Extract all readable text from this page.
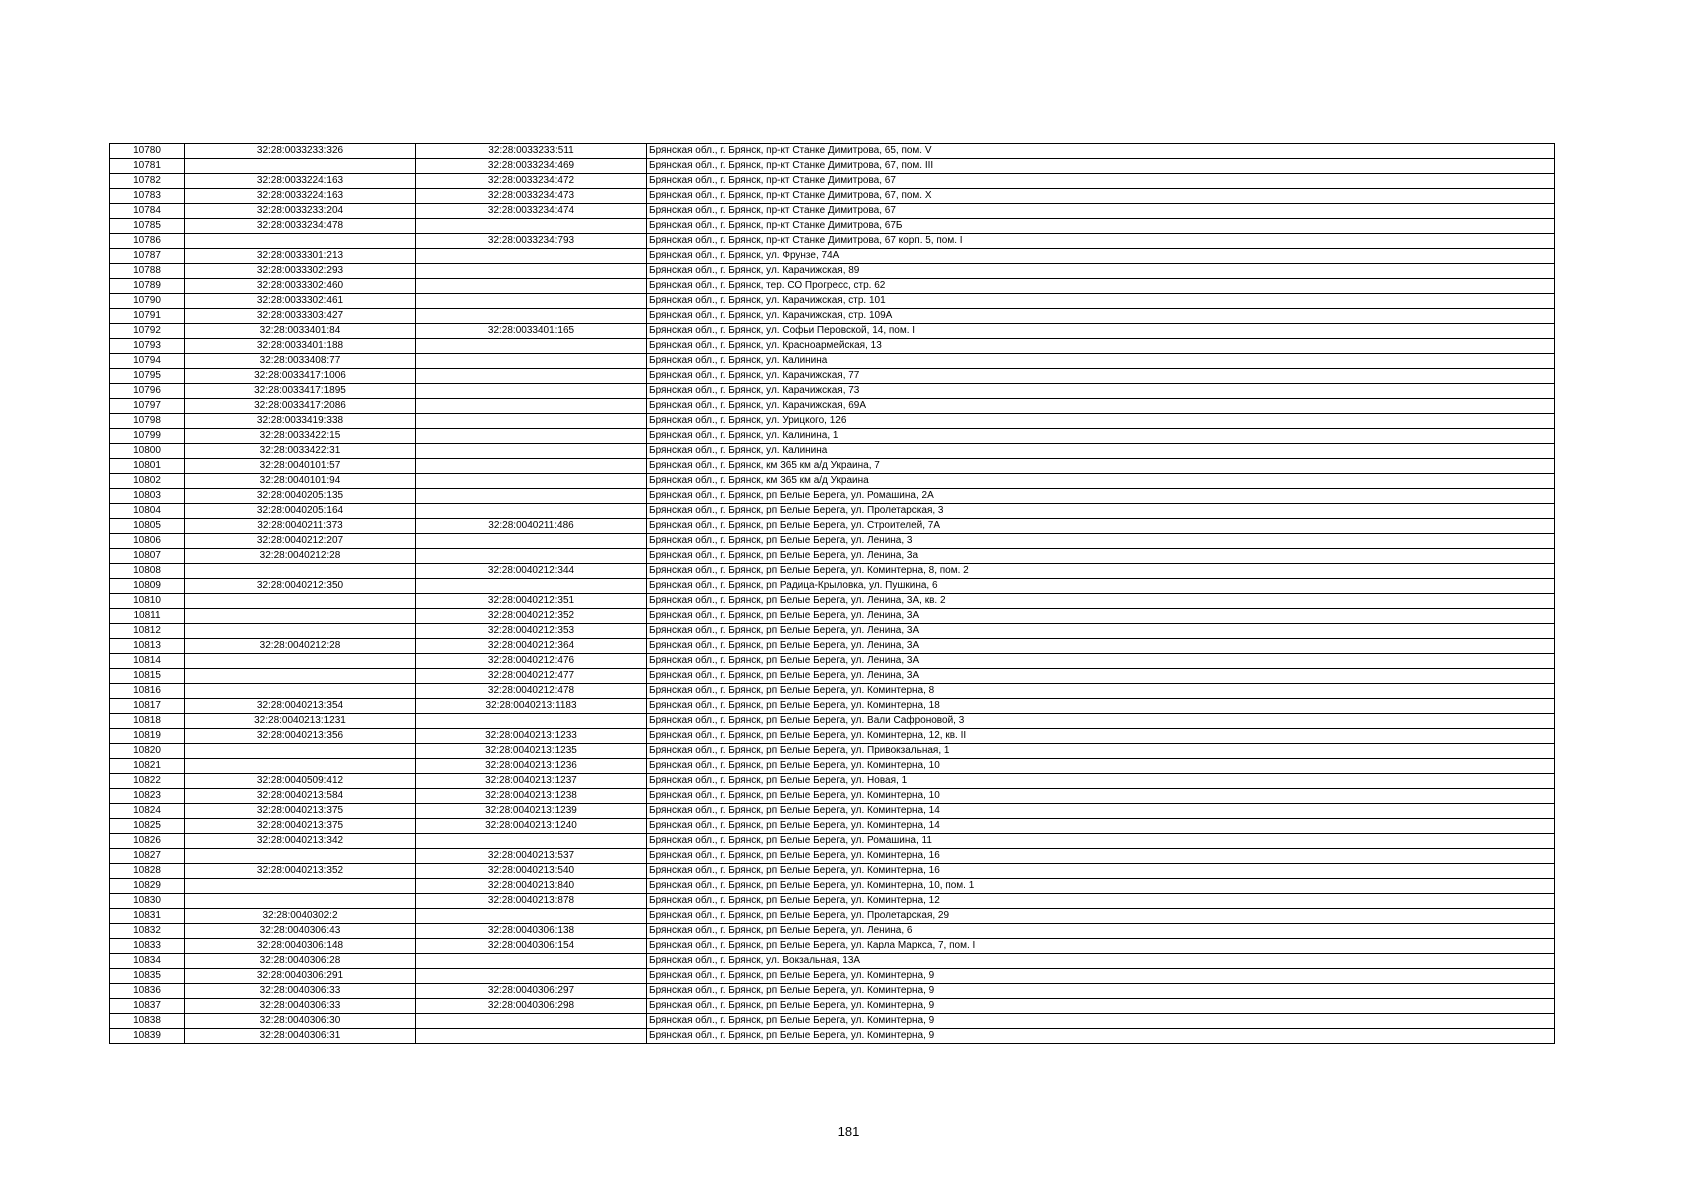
10780	32:28:0033233:326	32:28:0033233:511	Брянская обл., г. Брянск, пр-кт Станке Димитрова, 65, пом. V
10781		32:28:0033234:469	Брянская обл., г. Брянск, пр-кт Станке Димитрова, 67, пом. III
10782	32:28:0033224:163	32:28:0033234:472	Брянская обл., г. Брянск, пр-кт Станке Димитрова, 67
10783	32:28:0033224:163	32:28:0033234:473	Брянская обл., г. Брянск, пр-кт Станке Димитрова, 67, пом. X
10784	32:28:0033233:204	32:28:0033234:474	Брянская обл., г. Брянск, пр-кт Станке Димитрова, 67
10785	32:28:0033234:478		Брянская обл., г. Брянск, пр-кт Станке Димитрова, 67Б
10786		32:28:0033234:793	Брянская обл., г. Брянск, пр-кт Станке Димитрова, 67 корп. 5, пом. I
10787	32:28:0033301:213		Брянская обл., г. Брянск, ул. Фрунзе, 74А
10788	32:28:0033302:293		Брянская обл., г. Брянск, ул. Карачижская, 89
10789	32:28:0033302:460		Брянская обл., г. Брянск, тер. СО Прогресс, стр. 62
10790	32:28:0033302:461		Брянская обл., г. Брянск, ул. Карачижская, стр. 101
10791	32:28:0033303:427		Брянская обл., г. Брянск, ул. Карачижская, стр. 109А
10792	32:28:0033401:84	32:28:0033401:165	Брянская обл., г. Брянск, ул. Софьи Перовской, 14, пом. I
10793	32:28:0033401:188		Брянская обл., г. Брянск, ул. Красноармейская, 13
10794	32:28:0033408:77		Брянская обл., г. Брянск, ул. Калинина
10795	32:28:0033417:1006		Брянская обл., г. Брянск, ул. Карачижская, 77
10796	32:28:0033417:1895		Брянская обл., г. Брянск, ул. Карачижская, 73
10797	32:28:0033417:2086		Брянская обл., г. Брянск, ул. Карачижская, 69А
10798	32:28:0033419:338		Брянская обл., г. Брянск, ул. Урицкого, 126
10799	32:28:0033422:15		Брянская обл., г. Брянск, ул. Калинина, 1
10800	32:28:0033422:31		Брянская обл., г. Брянск, ул. Калинина
10801	32:28:0040101:57		Брянская обл., г. Брянск, км 365 км а/д Украина, 7
10802	32:28:0040101:94		Брянская обл., г. Брянск, км 365 км а/д Украина
10803	32:28:0040205:135		Брянская обл., г. Брянск, рп Белые Берега, ул. Ромашина, 2А
10804	32:28:0040205:164		Брянская обл., г. Брянск, рп Белые Берега, ул. Пролетарская, 3
10805	32:28:0040211:373	32:28:0040211:486	Брянская обл., г. Брянск, рп Белые Берега, ул. Строителей, 7А
10806	32:28:0040212:207		Брянская обл., г. Брянск, рп Белые Берега, ул. Ленина, 3
10807	32:28:0040212:28		Брянская обл., г. Брянск, рп Белые Берега, ул. Ленина, 3а
10808		32:28:0040212:344	Брянская обл., г. Брянск, рп Белые Берега, ул. Коминтерна, 8, пом. 2
10809	32:28:0040212:350		Брянская обл., г. Брянск, рп Радица-Крыловка, ул. Пушкина, 6
10810		32:28:0040212:351	Брянская обл., г. Брянск, рп Белые Берега, ул. Ленина, 3А, кв. 2
10811		32:28:0040212:352	Брянская обл., г. Брянск, рп Белые Берега, ул. Ленина, 3А
10812		32:28:0040212:353	Брянская обл., г. Брянск, рп Белые Берега, ул. Ленина, 3А
10813	32:28:0040212:28	32:28:0040212:364	Брянская обл., г. Брянск, рп Белые Берега, ул. Ленина, 3А
10814		32:28:0040212:476	Брянская обл., г. Брянск, рп Белые Берега, ул. Ленина, 3А
10815		32:28:0040212:477	Брянская обл., г. Брянск, рп Белые Берега, ул. Ленина, 3А
10816		32:28:0040212:478	Брянская обл., г. Брянск, рп Белые Берега, ул. Коминтерна, 8
10817	32:28:0040213:354	32:28:0040213:1183	Брянская обл., г. Брянск, рп Белые Берега, ул. Коминтерна, 18
10818	32:28:0040213:1231		Брянская обл., г. Брянск, рп Белые Берега, ул. Вали Сафроновой, 3
10819	32:28:0040213:356	32:28:0040213:1233	Брянская обл., г. Брянск, рп Белые Берега, ул. Коминтерна, 12, кв. II
10820		32:28:0040213:1235	Брянская обл., г. Брянск, рп Белые Берега, ул. Привокзальная, 1
10821		32:28:0040213:1236	Брянская обл., г. Брянск, рп Белые Берега, ул. Коминтерна, 10
10822	32:28:0040509:412	32:28:0040213:1237	Брянская обл., г. Брянск, рп Белые Берега, ул. Новая, 1
10823	32:28:0040213:584	32:28:0040213:1238	Брянская обл., г. Брянск, рп Белые Берега, ул. Коминтерна, 10
10824	32:28:0040213:375	32:28:0040213:1239	Брянская обл., г. Брянск, рп Белые Берега, ул. Коминтерна, 14
10825	32:28:0040213:375	32:28:0040213:1240	Брянская обл., г. Брянск, рп Белые Берега, ул. Коминтерна, 14
10826	32:28:0040213:342		Брянская обл., г. Брянск, рп Белые Берега, ул. Ромашина, 11
10827		32:28:0040213:537	Брянская обл., г. Брянск, рп Белые Берега, ул. Коминтерна, 16
10828	32:28:0040213:352	32:28:0040213:540	Брянская обл., г. Брянск, рп Белые Берега, ул. Коминтерна, 16
10829		32:28:0040213:840	Брянская обл., г. Брянск, рп Белые Берега, ул. Коминтерна, 10, пом. 1
10830		32:28:0040213:878	Брянская обл., г. Брянск, рп Белые Берега, ул. Коминтерна, 12
10831	32:28:0040302:2		Брянская обл., г. Брянск, рп Белые Берега, ул. Пролетарская, 29
10832	32:28:0040306:43	32:28:0040306:138	Брянская обл., г. Брянск, рп Белые Берега, ул. Ленина, 6
10833	32:28:0040306:148	32:28:0040306:154	Брянская обл., г. Брянск, рп Белые Берега, ул. Карла Маркса, 7, пом. I
10834	32:28:0040306:28		Брянская обл., г. Брянск, ул. Вокзальная, 13А
10835	32:28:0040306:291		Брянская обл., г. Брянск, рп Белые Берега, ул. Коминтерна, 9
10836	32:28:0040306:33	32:28:0040306:297	Брянская обл., г. Брянск, рп Белые Берега, ул. Коминтерна, 9
10837	32:28:0040306:33	32:28:0040306:298	Брянская обл., г. Брянск, рп Белые Берега, ул. Коминтерна, 9
10838	32:28:0040306:30		Брянская обл., г. Брянск, рп Белые Берега, ул. Коминтерна, 9
10839	32:28:0040306:31		Брянская обл., г. Брянск, рп Белые Берега, ул. Коминтерна, 9
181
